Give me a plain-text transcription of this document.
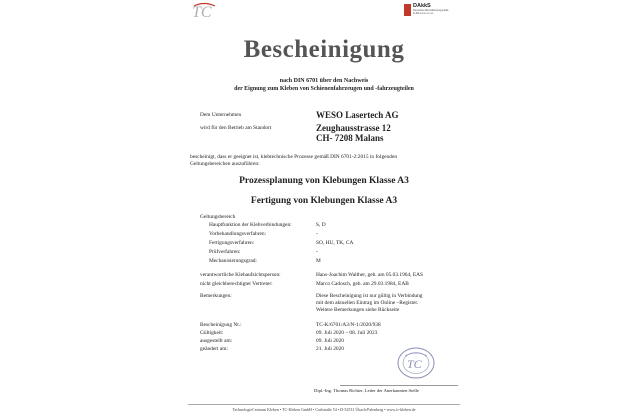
TC	DAkkS
Deutsche Akkreditierungsstelle D-ZE-xxxxx-xx-xx
Bescheinigung
nach DIN 6701 über den Nachweis
der Eignung zum Kleben von Schienenfahrzeugen und -fahrzeugteilen
Dem Unternehmen	WESO Lasertech AG
wird für den Betrieb am Standort	Zeughausstrasse 12
CH- 7208 Malans
bescheinigt, dass er geeignet ist, klebtechnische Prozesse gemäß DIN 6701-2:2015 in folgenden
Geltungsbereichen auszuführen:
Prozessplanung von Klebungen Klasse A3
Fertigung von Klebungen Klasse A3
Geltungsbereich
Hauptfunktion der Klebverbindungen:	S, D
Vorbehandlungsverfahren:	-
Fertigungsverfahren:	SO, HU, TK, CA
Prüfverfahren:	-
Mechanisierungsgrad:	M
verantwortliche Klebaufsichtsperson:	Hans-Joachim Walther, geb. am 05.03.1964, EAS
nicht gleichberechtigter Vertreter:	Marco Cadosch, geb. am 29.03.1984, EAB
Bemerkungen:	Diese Bescheinigung ist nur gültig in Verbindung
mit dem aktuellen Eintrag im Online –Register.
Weitere Bemerkungen siehe Rückseite
Bescheinigung Nr.:	TC-K/6701/A3/N-1/2020/938
Gültigkeit:	09. Juli 2020 – 08. Juli 2023
ausgestellt am:	09. Juli 2020
geändert am:	21. Juli 2020
TC
Dipl.-Ing. Thomas Richter, Leiter der Anerkannten Stelle
TechnologieCentrum Kleben • TC-Kleben GmbH • Carlstraße 54 • D-52531 Übach-Palenberg • www.tc-kleben.de
